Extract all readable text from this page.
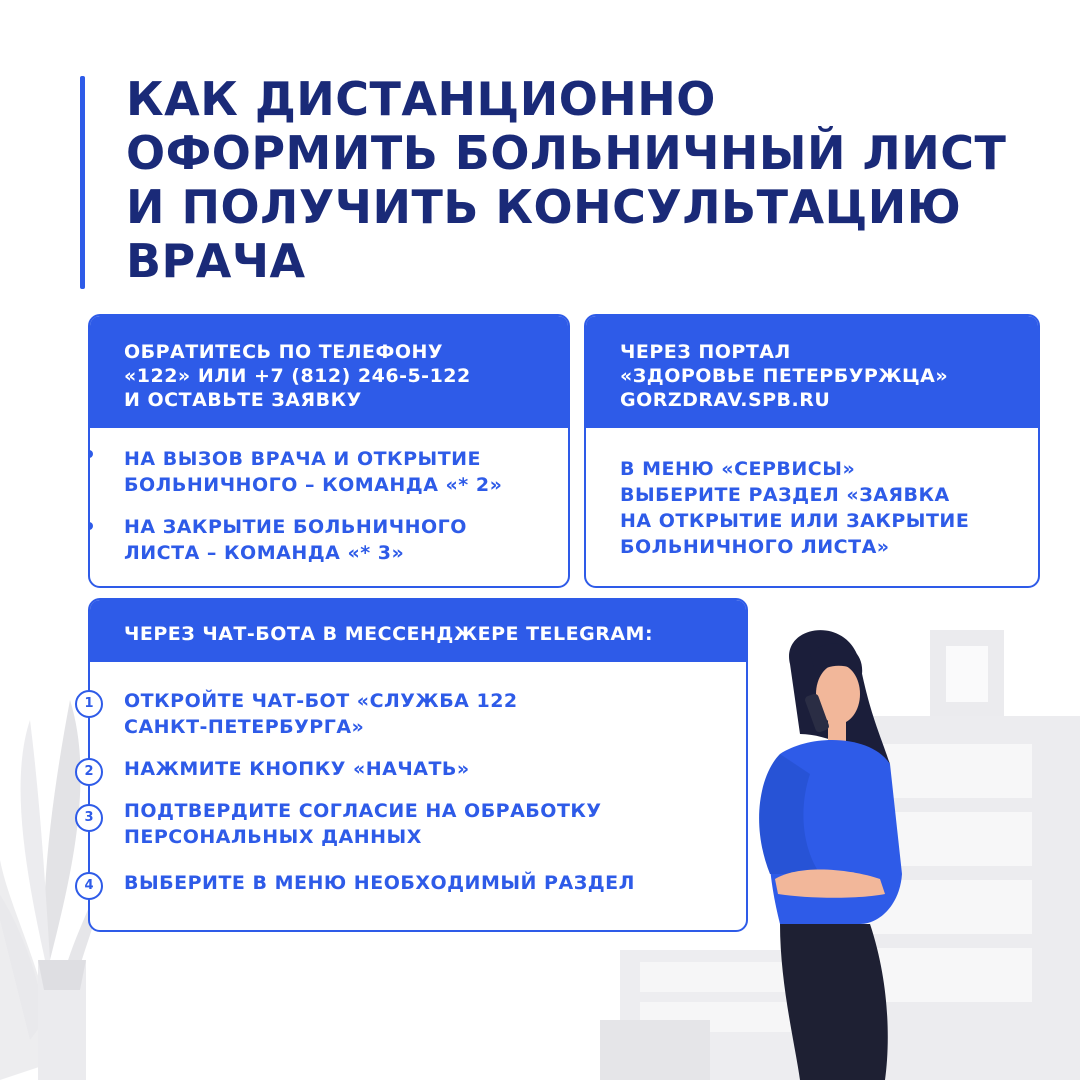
КАК ДИСТАНЦИОННО
ОФОРМИТЬ БОЛЬНИЧНЫЙ ЛИСТ
И ПОЛУЧИТЬ КОНСУЛЬТАЦИЮ
ВРАЧА
ОБРАТИТЕСЬ ПО ТЕЛЕФОНУ
«122» ИЛИ +7 (812) 246-5-122
И ОСТАВЬТЕ ЗАЯВКУ
НА ВЫЗОВ ВРАЧА И ОТКРЫТИЕ
БОЛЬНИЧНОГО – КОМАНДА «* 2»
НА ЗАКРЫТИЕ БОЛЬНИЧНОГО
ЛИСТА – КОМАНДА «* 3»
ЧЕРЕЗ ПОРТАЛ
«ЗДОРОВЬЕ ПЕТЕРБУРЖЦА»
GORZDRAV.SPB.RU
В МЕНЮ «СЕРВИСЫ»
ВЫБЕРИТЕ РАЗДЕЛ «ЗАЯВКА
НА ОТКРЫТИЕ ИЛИ ЗАКРЫТИЕ
БОЛЬНИЧНОГО ЛИСТА»
ЧЕРЕЗ ЧАТ-БОТА В МЕССЕНДЖЕРЕ TELEGRAM:
1	ОТКРОЙТЕ ЧАТ-БОТ «СЛУЖБА 122
САНКТ-ПЕТЕРБУРГА»
2	НАЖМИТЕ КНОПКУ «НАЧАТЬ»
3	ПОДТВЕРДИТЕ СОГЛАСИЕ НА ОБРАБОТКУ
ПЕРСОНАЛЬНЫХ ДАННЫХ
4	ВЫБЕРИТЕ В МЕНЮ НЕОБХОДИМЫЙ РАЗДЕЛ
